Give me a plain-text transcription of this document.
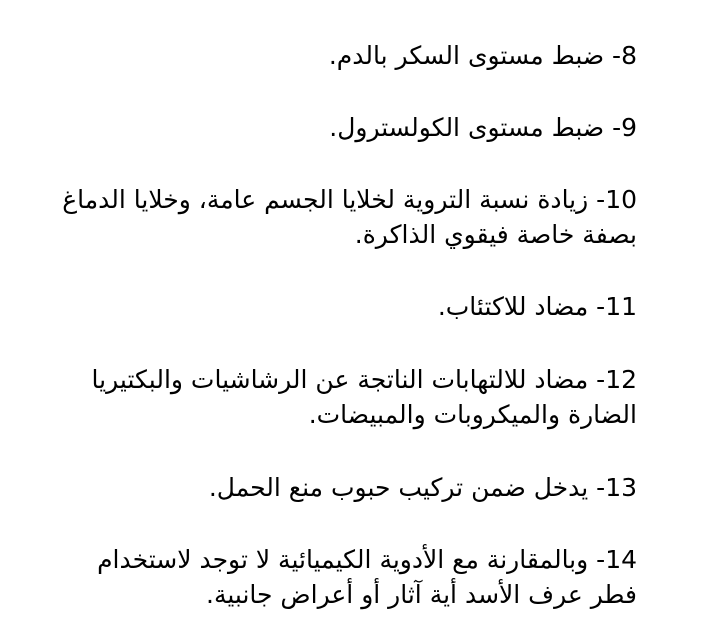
8- ضبط مستوى السكر بالدم.
9- ضبط مستوى الكولسترول.
10- زيادة نسبة التروية لخلايا الجسم عامة، وخلايا الدماغ
بصفة خاصة فيقوي الذاكرة.
11- مضاد للاكتئاب.
12- مضاد للالتهابات الناتجة عن الرشاشيات والبكتيريا
الضارة والميكروبات والمبيضات.
13- يدخل ضمن تركيب حبوب منع الحمل.
14- وبالمقارنة مع الأدوية الكيميائية لا توجد لاستخدام
فطر عرف الأسد أية آثار أو أعراض جانبية.
